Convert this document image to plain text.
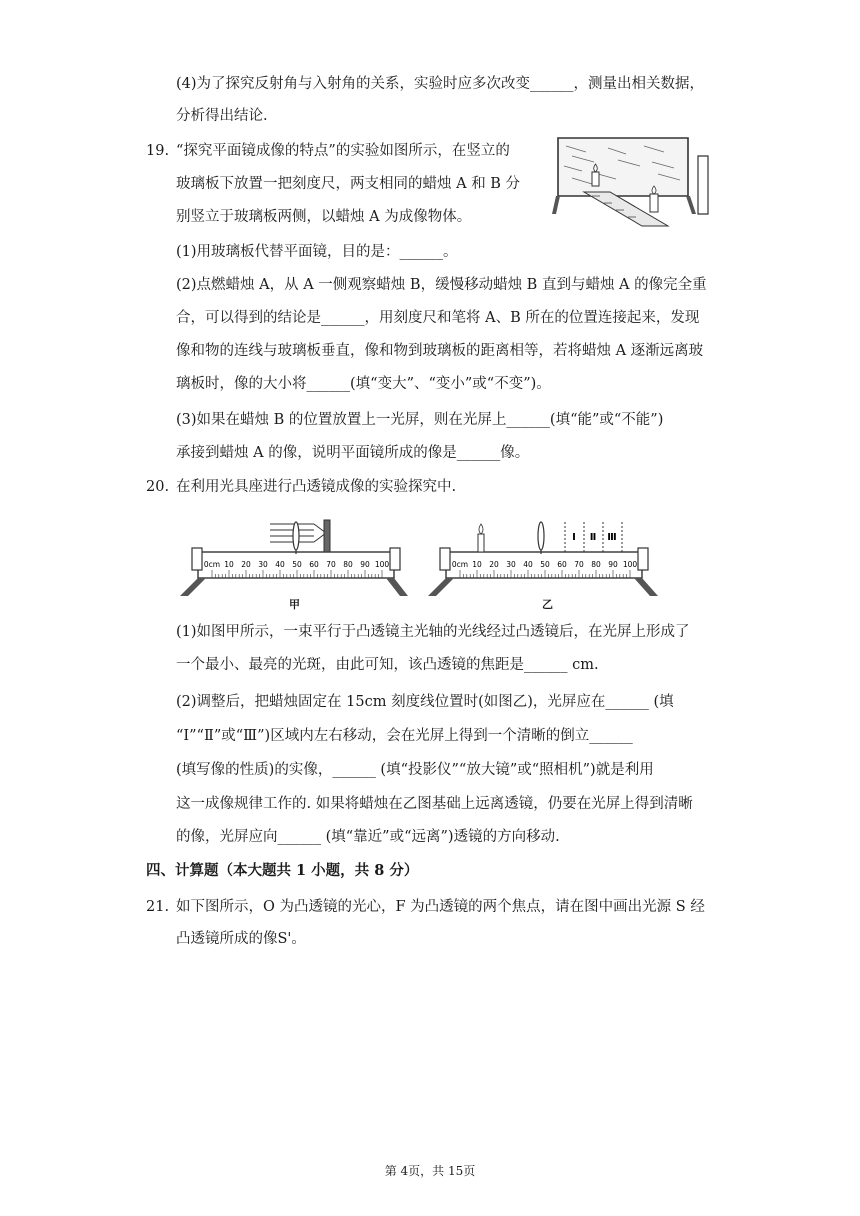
(4)为了探究反射角与入射角的关系，实验时应多次改变______，测量出相关数据，
分析得出结论.
19. “探究平面镜成像的特点”的实验如图所示，在竖立的
玻璃板下放置一把刻度尺，两支相同的蜡烛 A 和 B 分
别竖立于玻璃板两侧，以蜡烛 A 为成像物体。
(1)用玻璃板代替平面镜，目的是：______。
(2)点燃蜡烛 A，从 A 一侧观察蜡烛 B，缓慢移动蜡烛 B 直到与蜡烛 A 的像完全重
合，可以得到的结论是______，用刻度尺和笔将 A、B 所在的位置连接起来，发现
像和物的连线与玻璃板垂直，像和物到玻璃板的距离相等，若将蜡烛 A 逐渐远离玻
璃板时，像的大小将______(填“变大”、“变小”或“不变”)。
(3)如果在蜡烛 B 的位置放置上一光屏，则在光屏上______(填“能”或“不能”)
承接到蜡烛 A 的像，说明平面镜所成的像是______像。
20. 在利用光具座进行凸透镜成像的实验探究中.
0cm 10 20 30 40 50 60 70 80 90 100
甲
0cm 10 20 30 40 50 60 70 80 90 100
Ⅰ Ⅱ Ⅲ
乙
(1)如图甲所示，一束平行于凸透镜主光轴的光线经过凸透镜后，在光屏上形成了
一个最小、最亮的光斑，由此可知，该凸透镜的焦距是______ cm.
(2)调整后，把蜡烛固定在 15cm 刻度线位置时(如图乙)，光屏应在______ (填
“Ⅰ”“Ⅱ”或“Ⅲ”)区域内左右移动，会在光屏上得到一个清晰的倒立______
(填写像的性质)的实像，______ (填“投影仪”“放大镜”或“照相机”)就是利用
这一成像规律工作的. 如果将蜡烛在乙图基础上远离透镜，仍要在光屏上得到清晰
的像，光屏应向______ (填“靠近”或“远离”)透镜的方向移动.
四、计算题（本大题共 1 小题，共 8 分）
21. 如下图所示，O 为凸透镜的光心，F 为凸透镜的两个焦点，请在图中画出光源 S 经
凸透镜所成的像S'。
第 4页，共 15页
